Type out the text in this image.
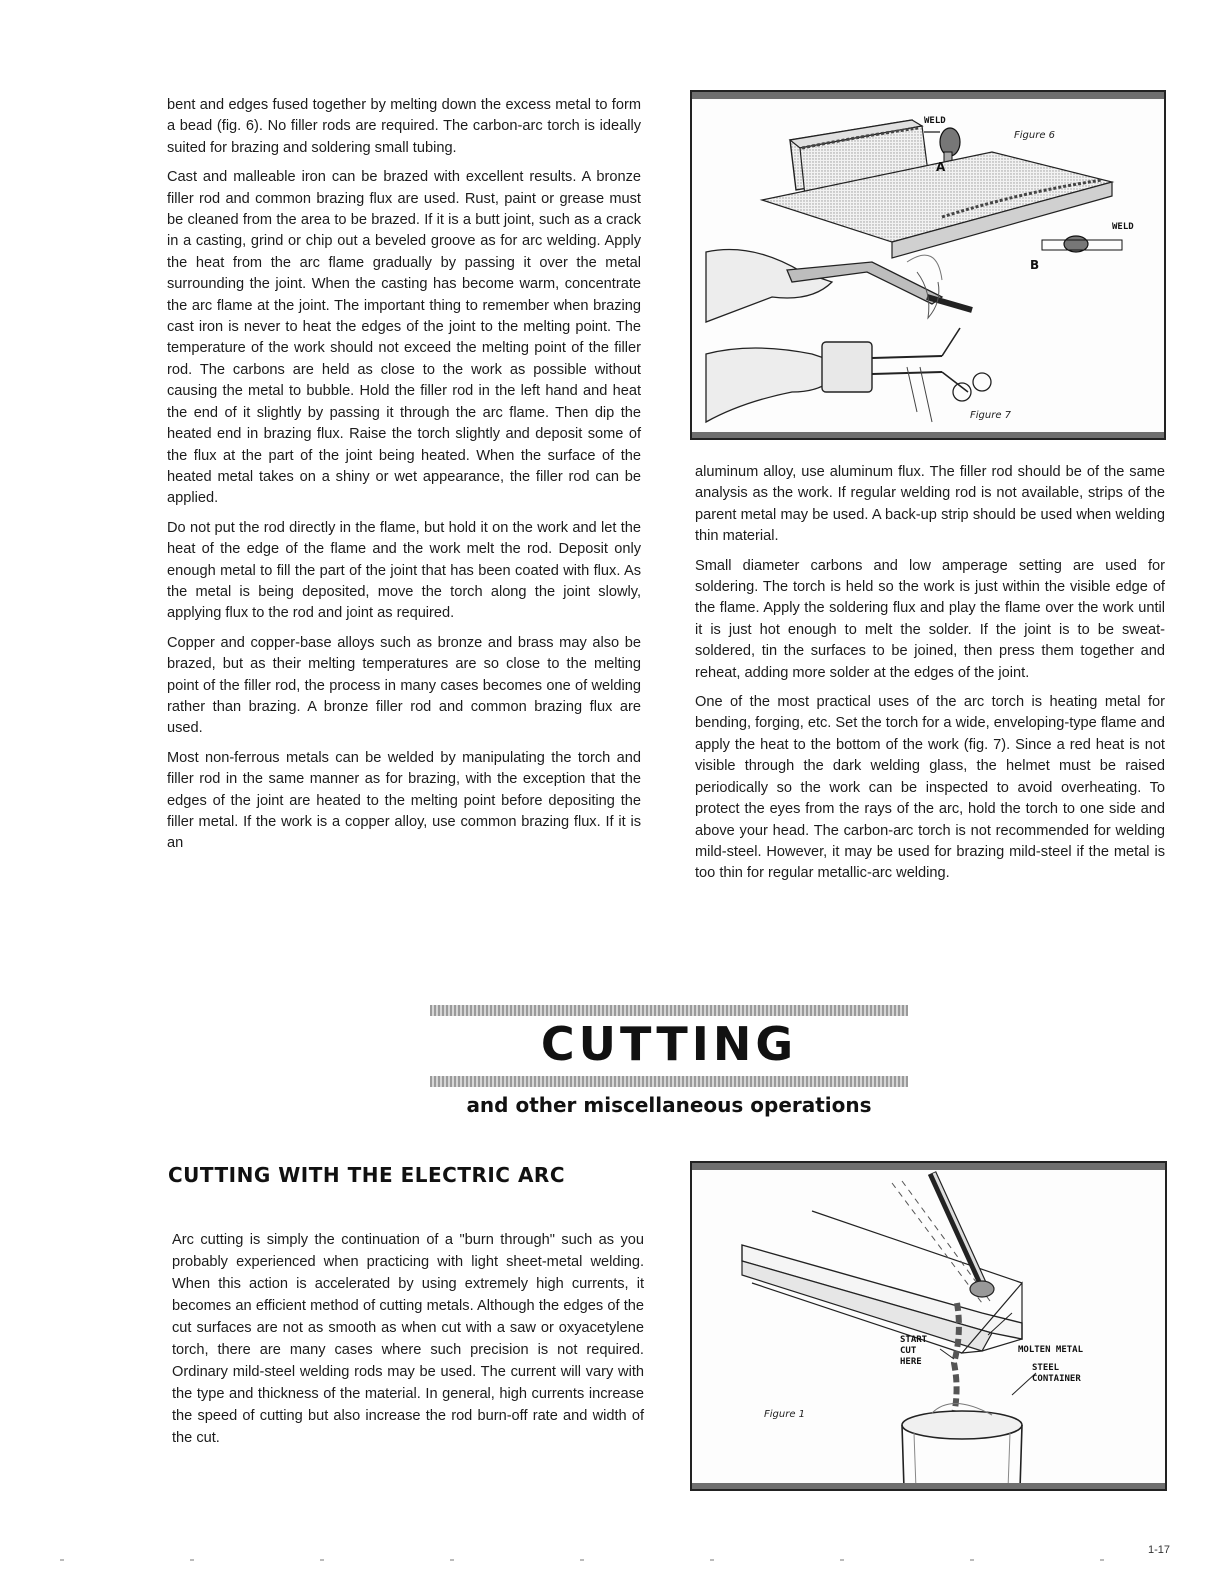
bent and edges fused together by melting down the excess metal to form a bead (fig. 6). No filler rods are required. The carbon-arc torch is ideally suited for brazing and soldering small tubing.

Cast and malleable iron can be brazed with excellent results. A bronze filler rod and common brazing flux are used. Rust, paint or grease must be cleaned from the area to be brazed. If it is a butt joint, such as a crack in a casting, grind or chip out a beveled groove as for arc welding. Apply the heat from the arc flame gradually by passing it over the metal surrounding the joint. When the casting has become warm, concentrate the arc flame at the joint. The important thing to remember when brazing cast iron is never to heat the edges of the joint to the melting point. The temperature of the work should not exceed the melting point of the filler rod. The carbons are held as close to the work as possible without causing the metal to bubble. Hold the filler rod in the left hand and heat the end of it slightly by passing it through the arc flame. Then dip the heated end in brazing flux. Raise the torch slightly and deposit some of the flux at the part of the joint being heated. When the surface of the heated metal takes on a shiny or wet appearance, the filler rod can be applied.

Do not put the rod directly in the flame, but hold it on the work and let the heat of the edge of the flame and the work melt the rod. Deposit only enough metal to fill the part of the joint that has been coated with flux. As the metal is being deposited, move the torch along the joint slowly, applying flux to the rod and joint as required.

Copper and copper-base alloys such as bronze and brass may also be brazed, but as their melting temperatures are so close to the melting point of the filler rod, the process in many cases becomes one of welding rather than brazing. A bronze filler rod and common brazing flux are used.

Most non-ferrous metals can be welded by manipulating the torch and filler rod in the same manner as for brazing, with the exception that the edges of the joint are heated to the melting point before depositing the filler metal. If the work is a copper alloy, use common brazing flux. If it is an

WELD
WELD
A
B
Figure 6
Figure 7

aluminum alloy, use aluminum flux. The filler rod should be of the same analysis as the work. If regular welding rod is not available, strips of the parent metal may be used. A back-up strip should be used when welding thin material.

Small diameter carbons and low amperage setting are used for soldering. The torch is held so the work is just within the visible edge of the flame. Apply the soldering flux and play the flame over the work until it is just hot enough to melt the solder. If the joint is to be sweat-soldered, tin the surfaces to be joined, then press them together and reheat, adding more solder at the edges of the joint.

One of the most practical uses of the arc torch is heating metal for bending, forging, etc. Set the torch for a wide, enveloping-type flame and apply the heat to the bottom of the work (fig. 7). Since a red heat is not visible through the dark welding glass, the helmet must be raised periodically so the work can be inspected to avoid overheating. To protect the eyes from the rays of the arc, hold the torch to one side and above your head. The carbon-arc torch is not recommended for welding mild-steel. However, it may be used for brazing mild-steel if the metal is too thin for regular metallic-arc welding.

CUTTING
and other miscellaneous operations
CUTTING WITH THE ELECTRIC ARC

Arc cutting is simply the continuation of a "burn through" such as you probably experienced when practicing with light sheet-metal welding. When this action is accelerated by using extremely high currents, it becomes an efficient method of cutting metals. Although the edges of the cut surfaces are not as smooth as when cut with a saw or oxyacetylene torch, there are many cases where such precision is not required. Ordinary mild-steel welding rods may be used. The current will vary with the type and thickness of the material. In general, high currents increase the speed of cutting but also increase the rod burn-off rate and width of the cut.

START
CUT
HERE
MOLTEN METAL
STEEL
CONTAINER
Figure 1
1-17
